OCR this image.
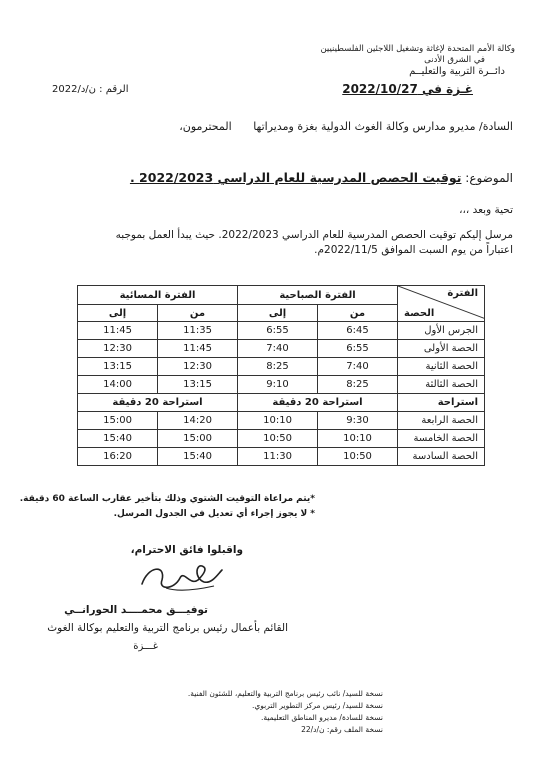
وكالة الأمم المتحدة لإغاثة وتشغيل اللاجئين الفلسطينيين
في الشرق الأدنى
دائــرة التربية والتعليــم
غـزة في 2022/10/27
الرقم : ن/د/2022
السادة/ مديرو مدارس وكالة الغوث الدولية بغزة ومديراتها المحترمون،
الموضوع: توقيت الحصص المدرسية للعام الدراسي 2022/2023 .
تحية وبعد ،،،
مرسل إليكم توقيت الحصص المدرسية للعام الدراسي 2022/2023. حيث يبدأ العمل بموجبه
اعتباراً من يوم السبت الموافق 2022/11/5م.
الفترة
الحصة	الفترة الصباحية		الفترة المسائية	
	من	إلى	من	إلى
الجرس الأول	6:45	6:55	11:35	11:45
الحصة الأولى	6:55	7:40	11:45	12:30
الحصة الثانية	7:40	8:25	12:30	13:15
الحصة الثالثة	8:25	9:10	13:15	14:00
استراحة	استراحة 20 دقيقة		استراحة 20 دقيقة	
الحصة الرابعة	9:30	10:10	14:20	15:00
الحصة الخامسة	10:10	10:50	15:00	15:40
الحصة السادسة	10:50	11:30	15:40	16:20
*يتم مراعاة التوقيت الشتوي وذلك بتأخير عقارب الساعة 60 دقيقة.
* لا يجوز إجراء أي تعديل في الجدول المرسل.
واقبلوا فائق الاحترام،
توفيـــق محمــــد الحورانــي
القائم بأعمال رئيس برنامج التربية والتعليم بوكالة الغوث
غـــزة
نسخة للسيد/ نائب رئيس برنامج التربية والتعليم، للشئون الفنية.
نسخة للسيد/ رئيس مركز التطوير التربوي.
نسخة للسادة/ مديرو المناطق التعليمية.
نسخة الملف رقم: ن/د/22
